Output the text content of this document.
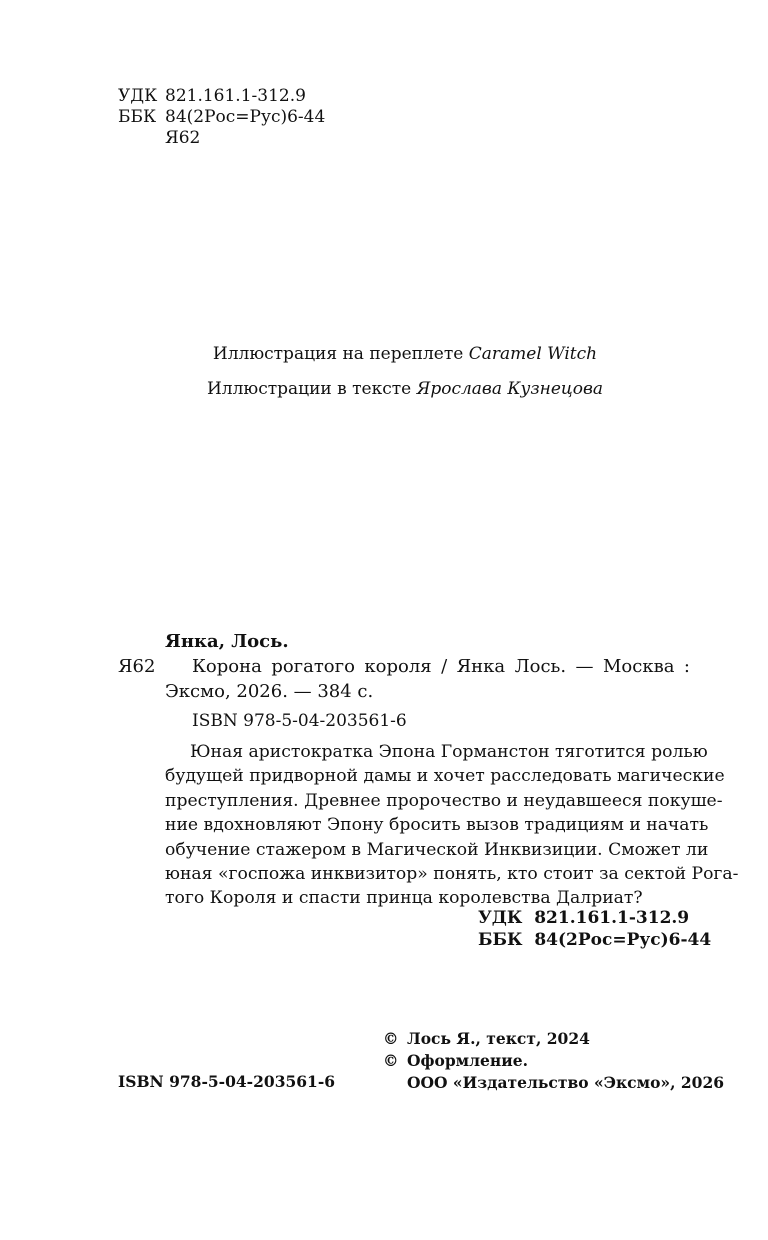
УДК 821.161.1-312.9
ББК 84(2Рос=Рус)6-44
Я62
Иллюстрация на переплете Caramel Witch
Иллюстрации в тексте Ярослава Кузнецова
Янка, Лось.
Я62 Корона рогатого короля / Янка Лось. — Москва :
Эксмо, 2026. — 384 с.
ISBN 978-5-04-203561-6
Юная аристократка Эпона Горманстон тяготится ролью
будущей придворной дамы и хочет расследовать магические
преступления. Древнее пророчество и неудавшееся покуше-
ние вдохновляют Эпону бросить вызов традициям и начать
обучение стажером в Магической Инквизиции. Сможет ли
юная «госпожа инквизитор» понять, кто стоит за сектой Рога-
того Короля и спасти принца королевства Далриат?
УДК  821.161.1-312.9
ББК  84(2Рос=Рус)6-44
© Лось Я., текст, 2024
© Оформление.
ООО «Издательство «Эксмо», 2026
ISBN 978-5-04-203561-6
